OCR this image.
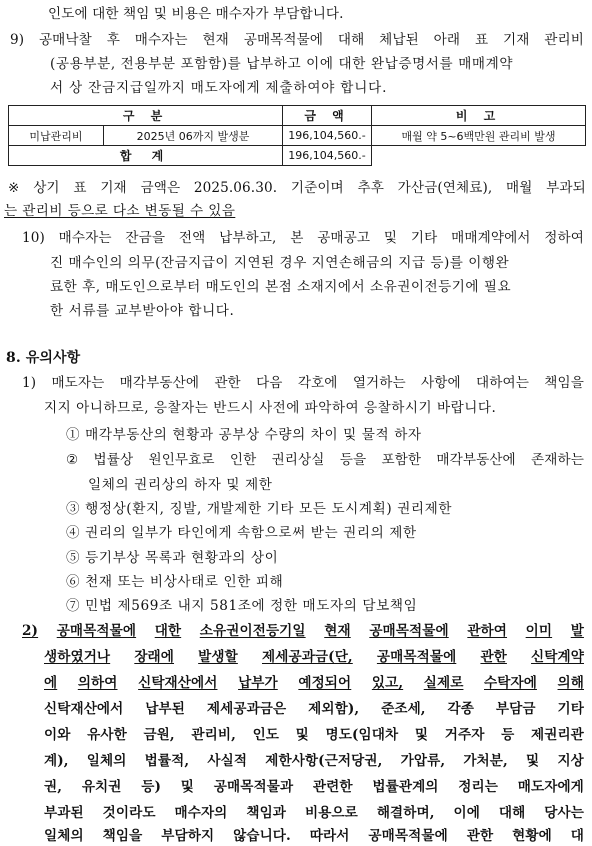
인도에 대한 책임 및 비용은 매수자가 부담합니다.
9) 공매낙찰 후 매수자는 현재 공매목적물에 대해 체납된 아래 표 기재 관리비
(공용부분, 전용부분 포함함)를 납부하고 이에 대한 완납증명서를 매매계약
서 상 잔금지급일까지 매도자에게 제출하여야 합니다.
구 분		금 액	비 고
미납관리비	2025년 06까지 발생분	196,104,560.-	매월 약 5~6백만원 관리비 발생
합 계		196,104,560.-	
※ 상기 표 기재 금액은 2025.06.30. 기준이며 추후 가산금(연체료), 매월 부과되
는 관리비 등으로 다소 변동될 수 있음
10) 매수자는 잔금을 전액 납부하고, 본 공매공고 및 기타 매매계약에서 정하여
진 매수인의 의무(잔금지급이 지연된 경우 지연손해금의 지급 등)를 이행완
료한 후, 매도인으로부터 매도인의 본점 소재지에서 소유권이전등기에 필요
한 서류를 교부받아야 합니다.
8. 유의사항
1) 매도자는 매각부동산에 관한 다음 각호에 열거하는 사항에 대하여는 책임을
지지 아니하므로, 응찰자는 반드시 사전에 파악하여 응찰하시기 바랍니다.
① 매각부동산의 현황과 공부상 수량의 차이 및 물적 하자
② 법률상 원인무효로 인한 권리상실 등을 포함한 매각부동산에 존재하는
일체의 권리상의 하자 및 제한
③ 행정상(환지, 징발, 개발제한 기타 모든 도시계획) 권리제한
④ 권리의 일부가 타인에게 속함으로써 받는 권리의 제한
⑤ 등기부상 목록과 현황과의 상이
⑥ 천재 또는 비상사태로 인한 피해
⑦ 민법 제569조 내지 581조에 정한 매도자의 담보책임
2) 공매목적물에 대한 소유권이전등기일 현재 공매목적물에 관하여 이미 발
생하였거나 장래에 발생할 제세공과금(단, 공매목적물에 관한 신탁계약
에 의하여 신탁재산에서 납부가 예정되어 있고, 실제로 수탁자에 의해
신탁재산에서 납부된 제세공과금은 제외함), 준조세, 각종 부담금 기타
이와 유사한 금원, 관리비, 인도 및 명도(임대차 및 거주자 등 제권리관
계), 일체의 법률적, 사실적 제한사항(근저당권, 가압류, 가처분, 및 지상
권, 유치권 등) 및 공매목적물과 관련한 법률관계의 정리는 매도자에게
부과된 것이라도 매수자의 책임과 비용으로 해결하며, 이에 대해 당사는
일체의 책임을 부담하지 않습니다. 따라서 공매목적물에 관한 현황에 대
